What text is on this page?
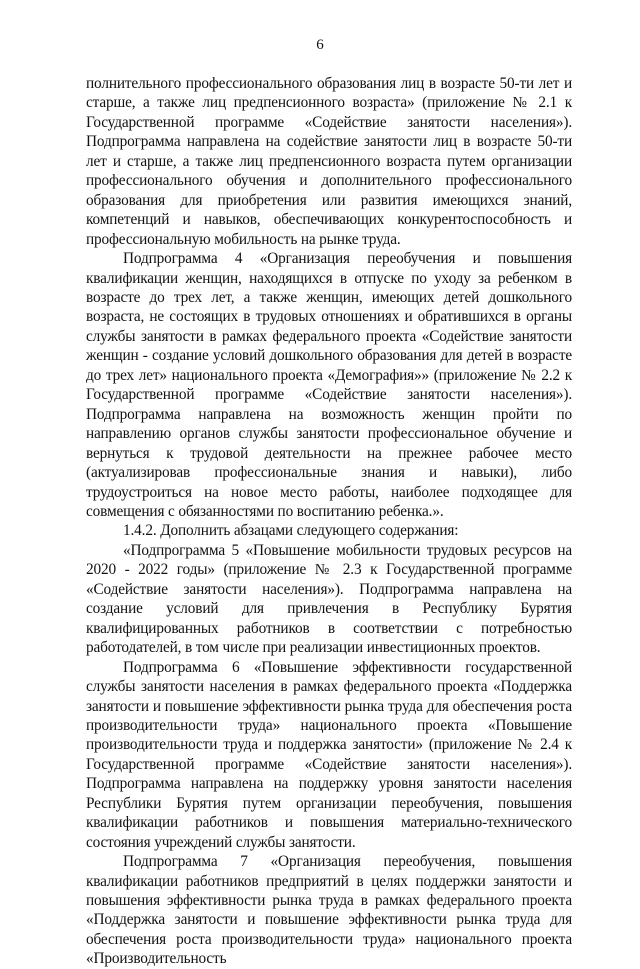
6

полнительного профессионального образования лиц в возрасте 50-ти лет и старше, а также лиц предпенсионного возраста» (приложение № 2.1 к Государственной программе «Содействие занятости населения»). Подпрограмма направлена на содействие занятости лиц в возрасте 50-ти лет и старше, а также лиц предпенсионного возраста путем организации профессионального обучения и дополнительного профессионального образования для приобретения или развития имеющихся знаний, компетенций и навыков, обеспечивающих конкурентоспособность и профессиональную мобильность на рынке труда.

Подпрограмма 4 «Организация переобучения и повышения квалификации женщин, находящихся в отпуске по уходу за ребенком в возрасте до трех лет, а также женщин, имеющих детей дошкольного возраста, не состоящих в трудовых отношениях и обратившихся в органы службы занятости в рамках федерального проекта «Содействие занятости женщин - создание условий дошкольного образования для детей в возрасте до трех лет» национального проекта «Демография»» (приложение № 2.2 к Государственной программе «Содействие занятости населения»). Подпрограмма направлена на возможность женщин пройти по направлению органов службы занятости профессиональное обучение и вернуться к трудовой деятельности на прежнее рабочее место (актуализировав профессиональные знания и навыки), либо трудоустроиться на новое место работы, наиболее подходящее для совмещения с обязанностями по воспитанию ребенка.».

1.4.2. Дополнить абзацами следующего содержания:

«Подпрограмма 5 «Повышение мобильности трудовых ресурсов на 2020 - 2022 годы» (приложение № 2.3 к Государственной программе «Содействие занятости населения»). Подпрограмма направлена на создание условий для привлечения в Республику Бурятия квалифицированных работников в соответствии с потребностью работодателей, в том числе при реализации инвестиционных проектов.

Подпрограмма 6 «Повышение эффективности государственной службы занятости населения в рамках федерального проекта «Поддержка занятости и повышение эффективности рынка труда для обеспечения роста производительности труда» национального проекта «Повышение производительности труда и поддержка занятости» (приложение № 2.4 к Государственной программе «Содействие занятости населения»). Подпрограмма направлена на поддержку уровня занятости населения Республики Бурятия путем организации переобучения, повышения квалификации работников и повышения материально-технического состояния учреждений службы занятости.

Подпрограмма 7 «Организация переобучения, повышения квалификации работников предприятий в целях поддержки занятости и повышения эффективности рынка труда в рамках федерального проекта «Поддержка занятости и повышение эффективности рынка труда для обеспечения роста производительности труда» национального проекта «Производительность
